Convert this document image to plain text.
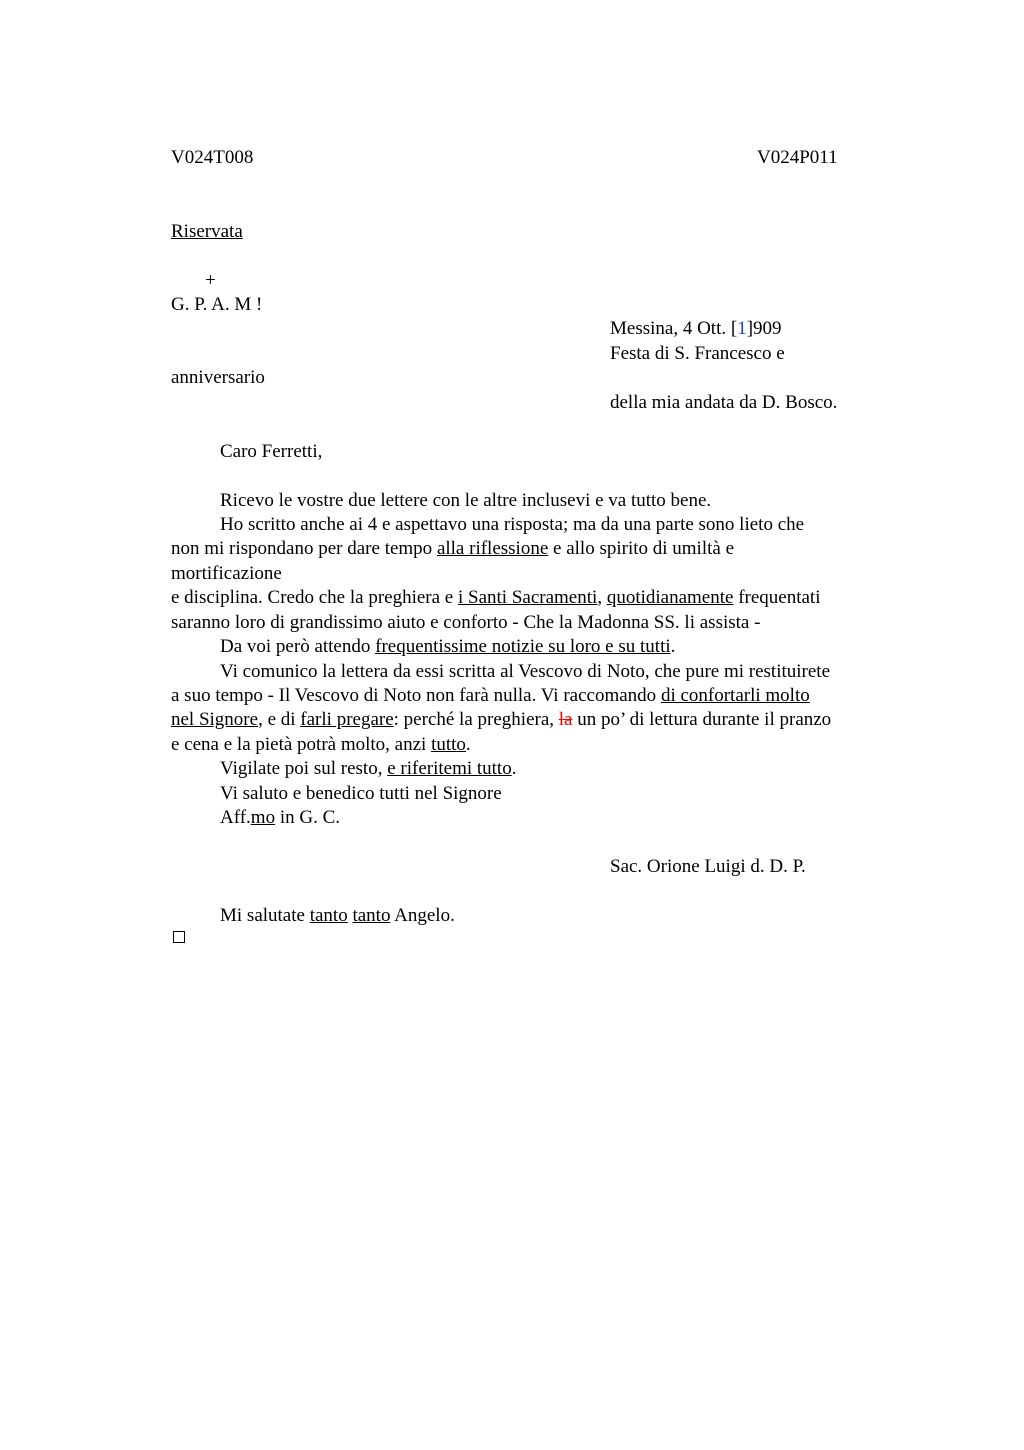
V024T008	V024P011
Riservata
+
G. P. A. M !
Messina, 4 Ott. [1]909
Festa di S. Francesco e
anniversario
della mia andata da D. Bosco.
Caro Ferretti,
Ricevo le vostre due lettere con le altre inclusevi e va tutto bene.
Ho scritto anche ai 4 e aspettavo una risposta; ma da una parte sono lieto che
non mi rispondano per dare tempo alla riflessione e allo spirito di umiltà e
mortificazione
e disciplina. Credo che la preghiera e i Santi Sacramenti, quotidianamente frequentati
saranno loro di grandissimo aiuto e conforto - Che la Madonna SS. li assista -
Da voi però attendo frequentissime notizie su loro e su tutti.
Vi comunico la lettera da essi scritta al Vescovo di Noto, che pure mi restituirete
a suo tempo - Il Vescovo di Noto non farà nulla. Vi raccomando di confortarli molto
nel Signore, e di farli pregare: perché la preghiera, la un po’ di lettura durante il pranzo
e cena e la pietà potrà molto, anzi tutto.
Vigilate poi sul resto, e riferitemi tutto.
Vi saluto e benedico tutti nel Signore
Aff.mo in G. C.
Sac. Orione Luigi d. D. P.
Mi salutate tanto tanto Angelo.
